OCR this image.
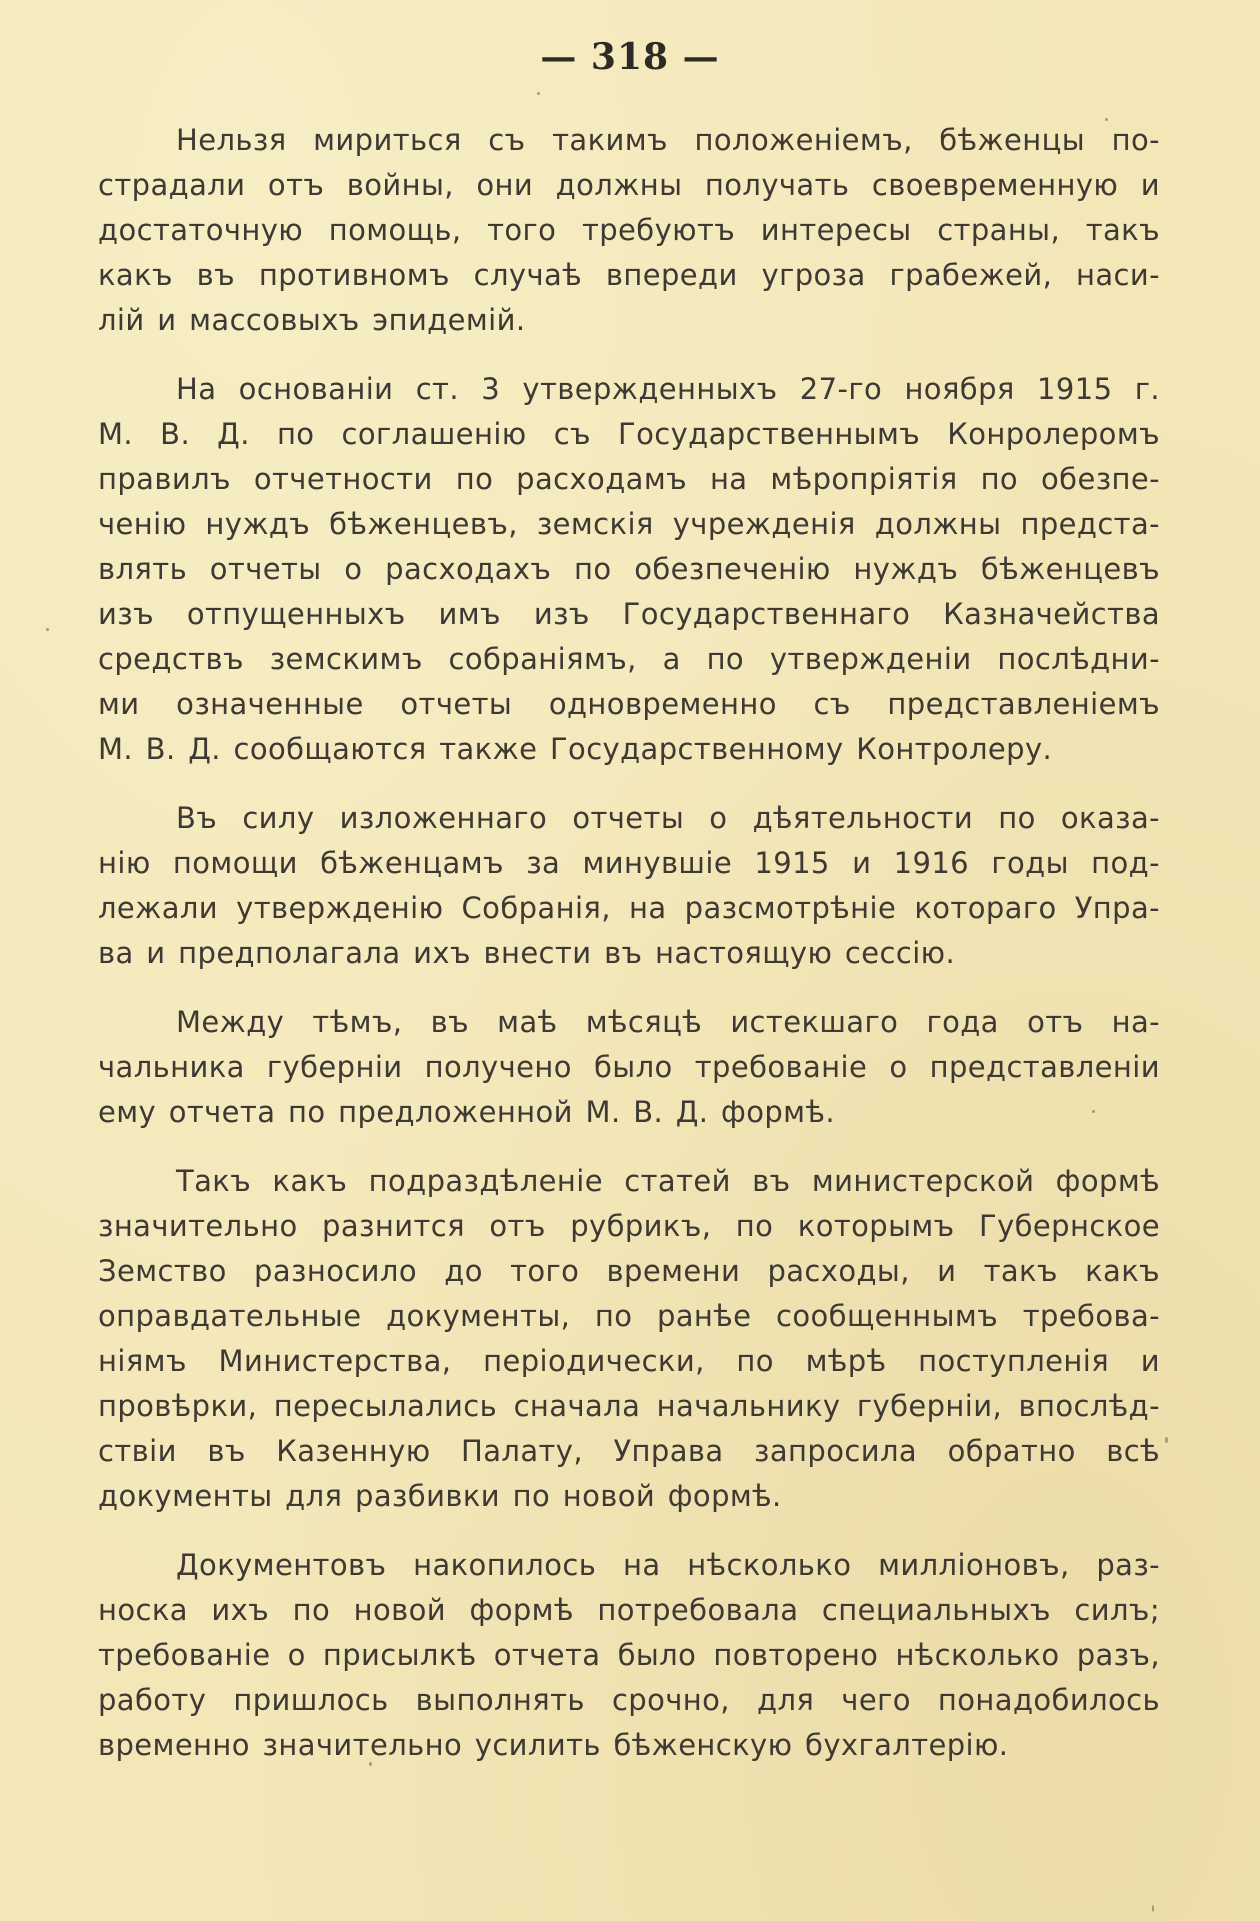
— 318 —

Нельзя мириться съ такимъ положенiемъ, бѣженцы по-
страдали отъ войны, они должны получать своевременную и
достаточную помощь, того требуютъ интересы страны, такъ
какъ въ противномъ случаѣ впереди угроза грабежей, наси-
лiй и массовыхъ эпидемiй.

На основанiи ст. 3 утвержденныхъ 27-го ноября 1915 г.
М. В. Д. по соглашенiю съ Государственнымъ Конролеромъ
правилъ отчетности по расходамъ на мѣропрiятiя по обезпе-
ченiю нуждъ бѣженцевъ, земскiя учрежденiя должны предста-
влять отчеты о расходахъ по обезпеченiю нуждъ бѣженцевъ
изъ отпущенныхъ имъ изъ Государственнаго Казначейства
средствъ земскимъ собранiямъ, а по утвержденiи послѣдни-
ми означенные отчеты одновременно съ представленiемъ
М. В. Д. сообщаются также Государственному Контролеру.

Въ силу изложеннаго отчеты о дѣятельности по оказа-
нiю помощи бѣженцамъ за минувшiе 1915 и 1916 годы под-
лежали утвержденiю Собранiя, на разсмотрѣнiе котораго Упра-
ва и предполагала ихъ внести въ настоящую сессiю.

Между тѣмъ, въ маѣ мѣсяцѣ истекшаго года отъ на-
чальника губернiи получено было требованiе о представленiи
ему отчета по предложенной М. В. Д. формѣ.

Такъ какъ подраздѣленiе статей въ министерской формѣ
значительно разнится отъ рубрикъ, по которымъ Губернское
Земство разносило до того времени расходы, и такъ какъ
оправдательные документы, по ранѣе сообщеннымъ требова-
нiямъ Министерства, перiодически, по мѣрѣ поступленiя и
провѣрки, пересылались сначала начальнику губернiи, впослѣд-
ствiи въ Казенную Палату, Управа запросила обратно всѣ
документы для разбивки по новой формѣ.

Документовъ накопилось на нѣсколько миллiоновъ, раз-
носка ихъ по новой формѣ потребовала специальныхъ силъ;
требованiе о присылкѣ отчета было повторено нѣсколько разъ,
работу пришлось выполнять срочно, для чего понадобилось
временно значительно усилить бѣженскую бухгалтерiю.
